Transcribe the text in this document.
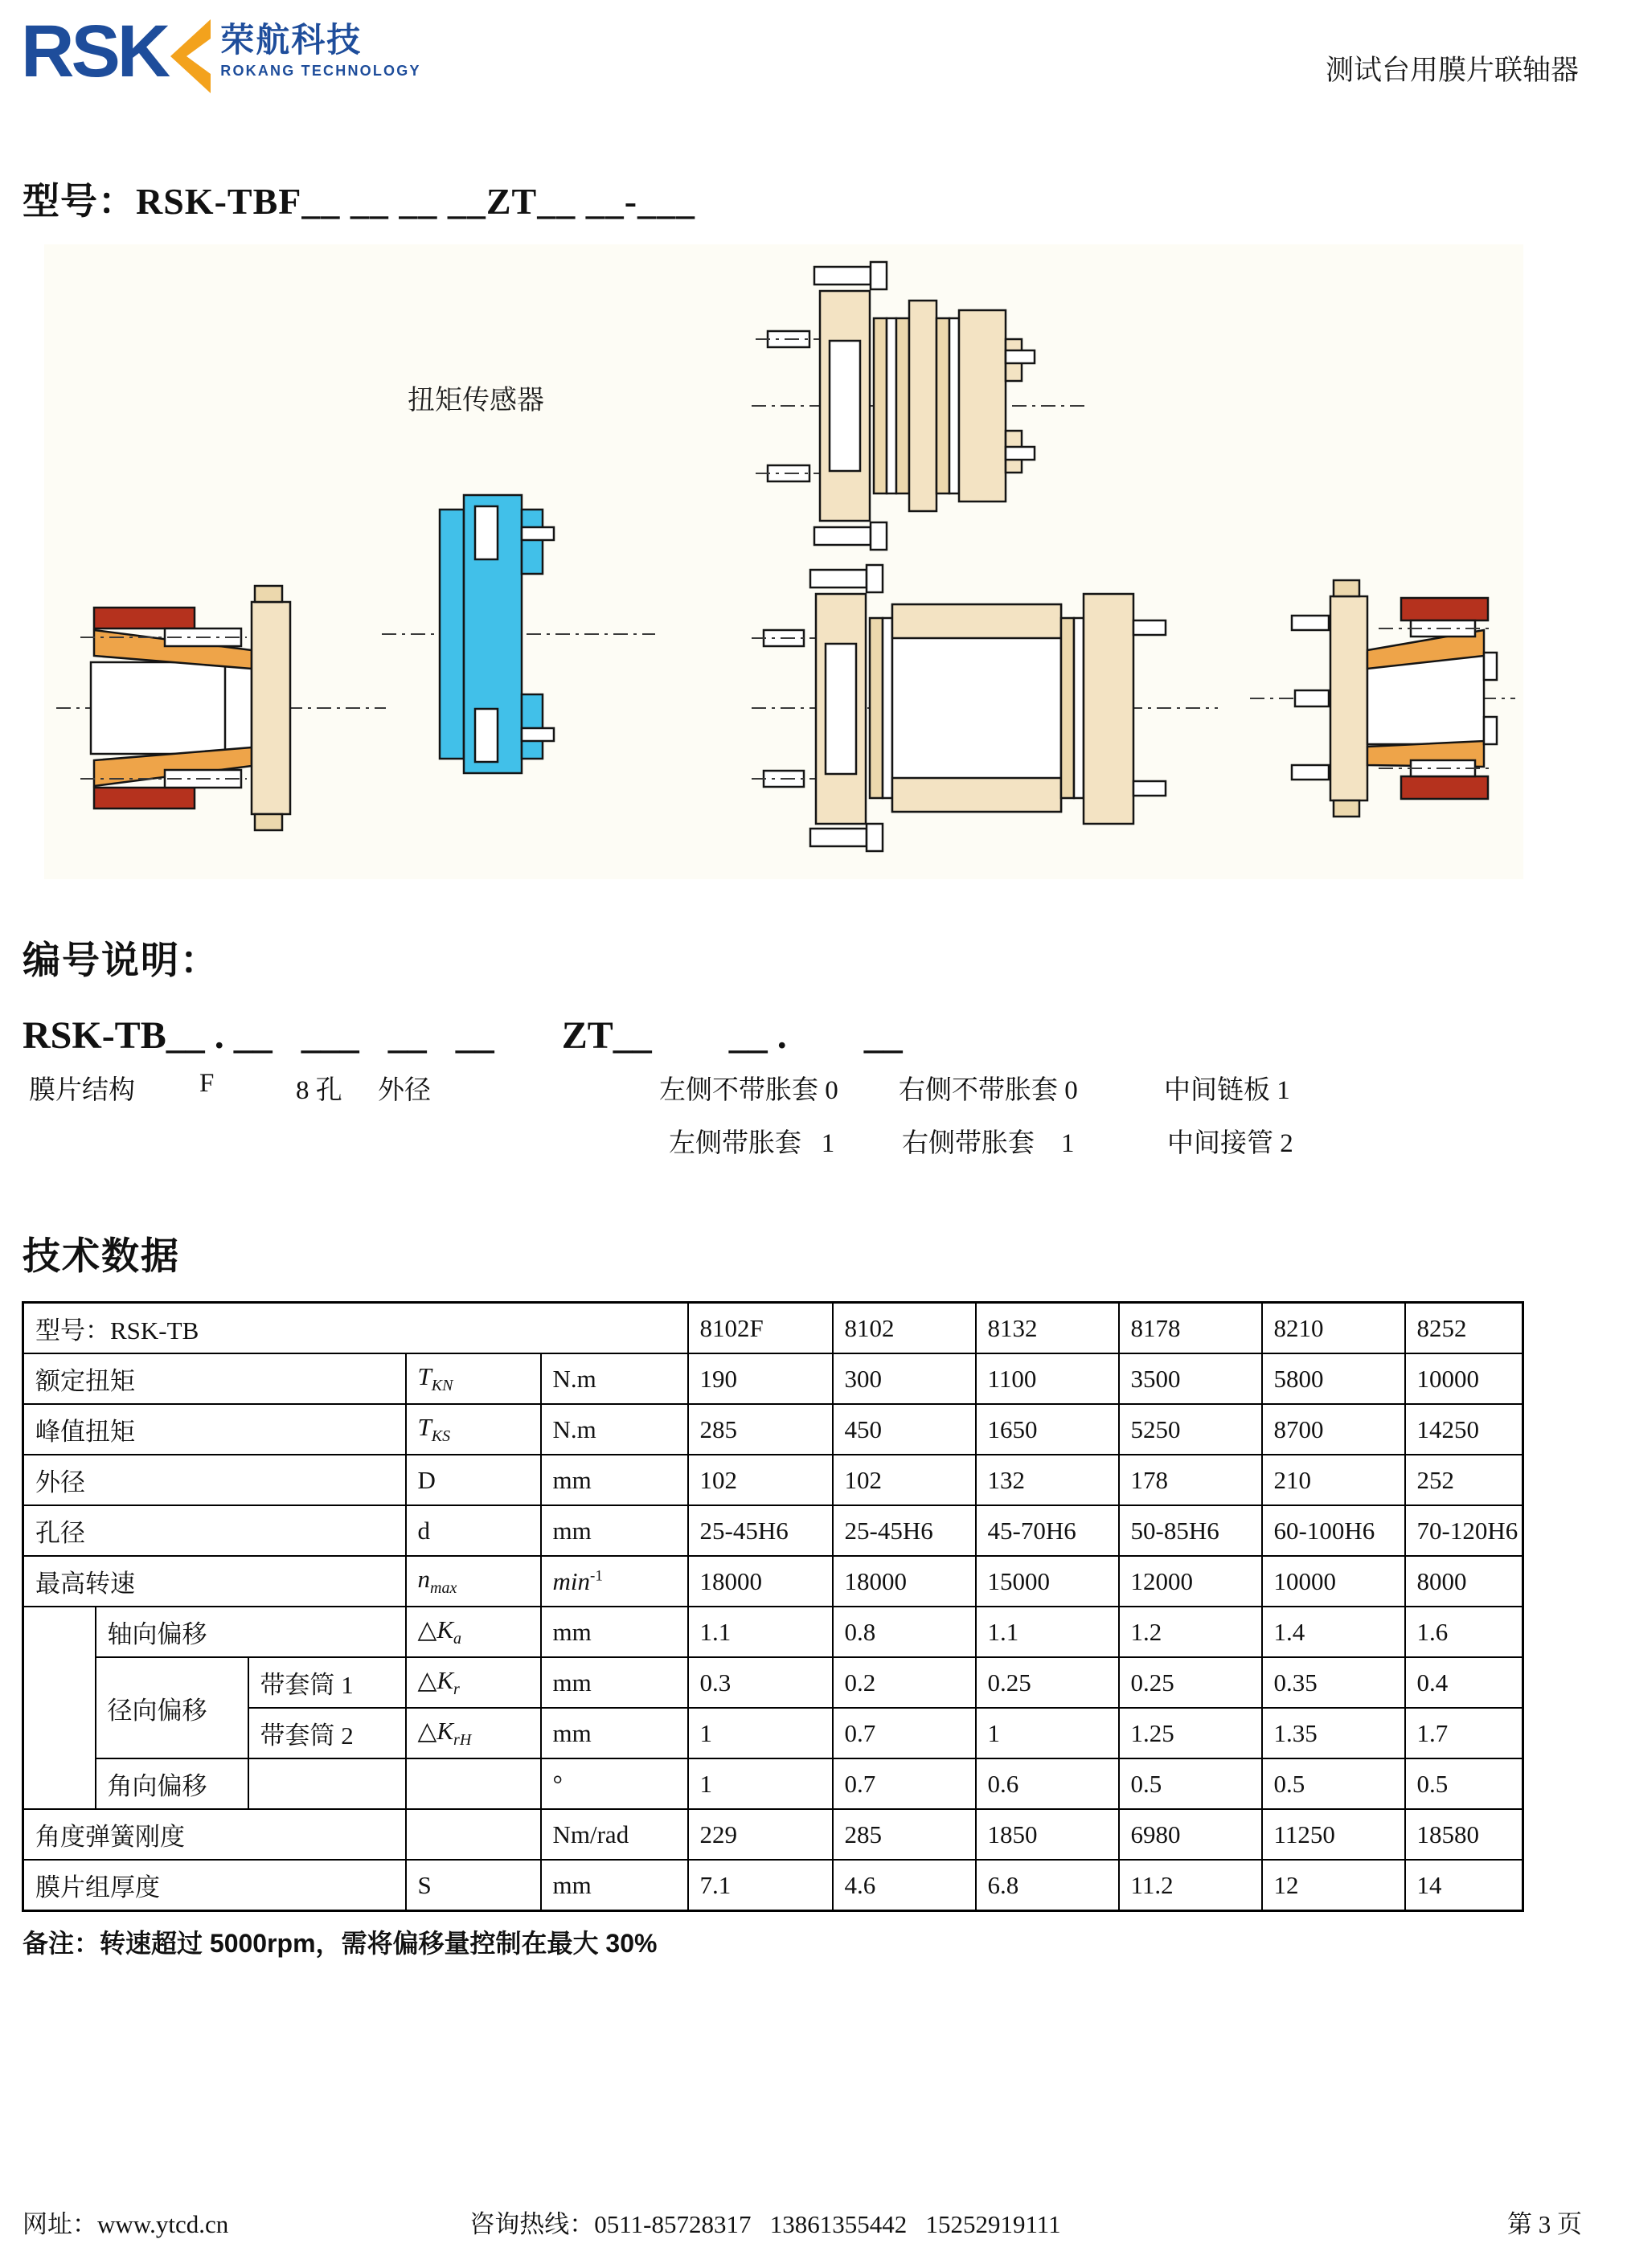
RSK 荣航科技
ROKANG TECHNOLOGY	测试台用膜片联轴器
型号：RSK-TBF__ __ __ __ZT__ __-___
扭矩传感器
编号说明：
RSK-TB__ . __   ___   __   __       ZT__        __ .        __
膜片结构 F	8 孔 外径	左侧不带胀套 0 右侧不带胀套 0	中间链板 1
左侧带胀套   1	右侧带胀套    1	中间接管 2
技术数据
型号：RSK-TB					8102F	8102	8132	8178	8210	8252
额定扭矩			$T_{KN}$	N.m	190	300	1100	3500	5800	10000
峰值扭矩			$T_{KS}$	N.m	285	450	1650	5250	8700	14250
外径			D	mm	102	102	132	178	210	252
孔径			d	mm	25-45H6	25-45H6	45-70H6	50-85H6	60-100H6	70-120H6
最高转速			$n_{max}$	$\min^{-1}$	18000	18000	15000	12000	10000	8000
	轴向偏移		$\triangle K_a$	mm	1.1	0.8	1.1	1.2	1.4	1.6
	径向偏移	带套筒 1	$\triangle K_r$	mm	0.3	0.2	0.25	0.25	0.35	0.4
		带套筒 2	$\triangle K_{rH}$	mm	1	0.7	1	1.25	1.35	1.7
	角向偏移			°	1	0.7	0.6	0.5	0.5	0.5
角度弹簧刚度				Nm/rad	229	285	1850	6980	11250	18580
膜片组厚度			S	mm	7.1	4.6	6.8	11.2	12	14
备注：转速超过 5000rpm，需将偏移量控制在最大 30%
网址：www.ytcd.cn	咨询热线：0511-85728317   13861355442   15252919111	第 3 页
